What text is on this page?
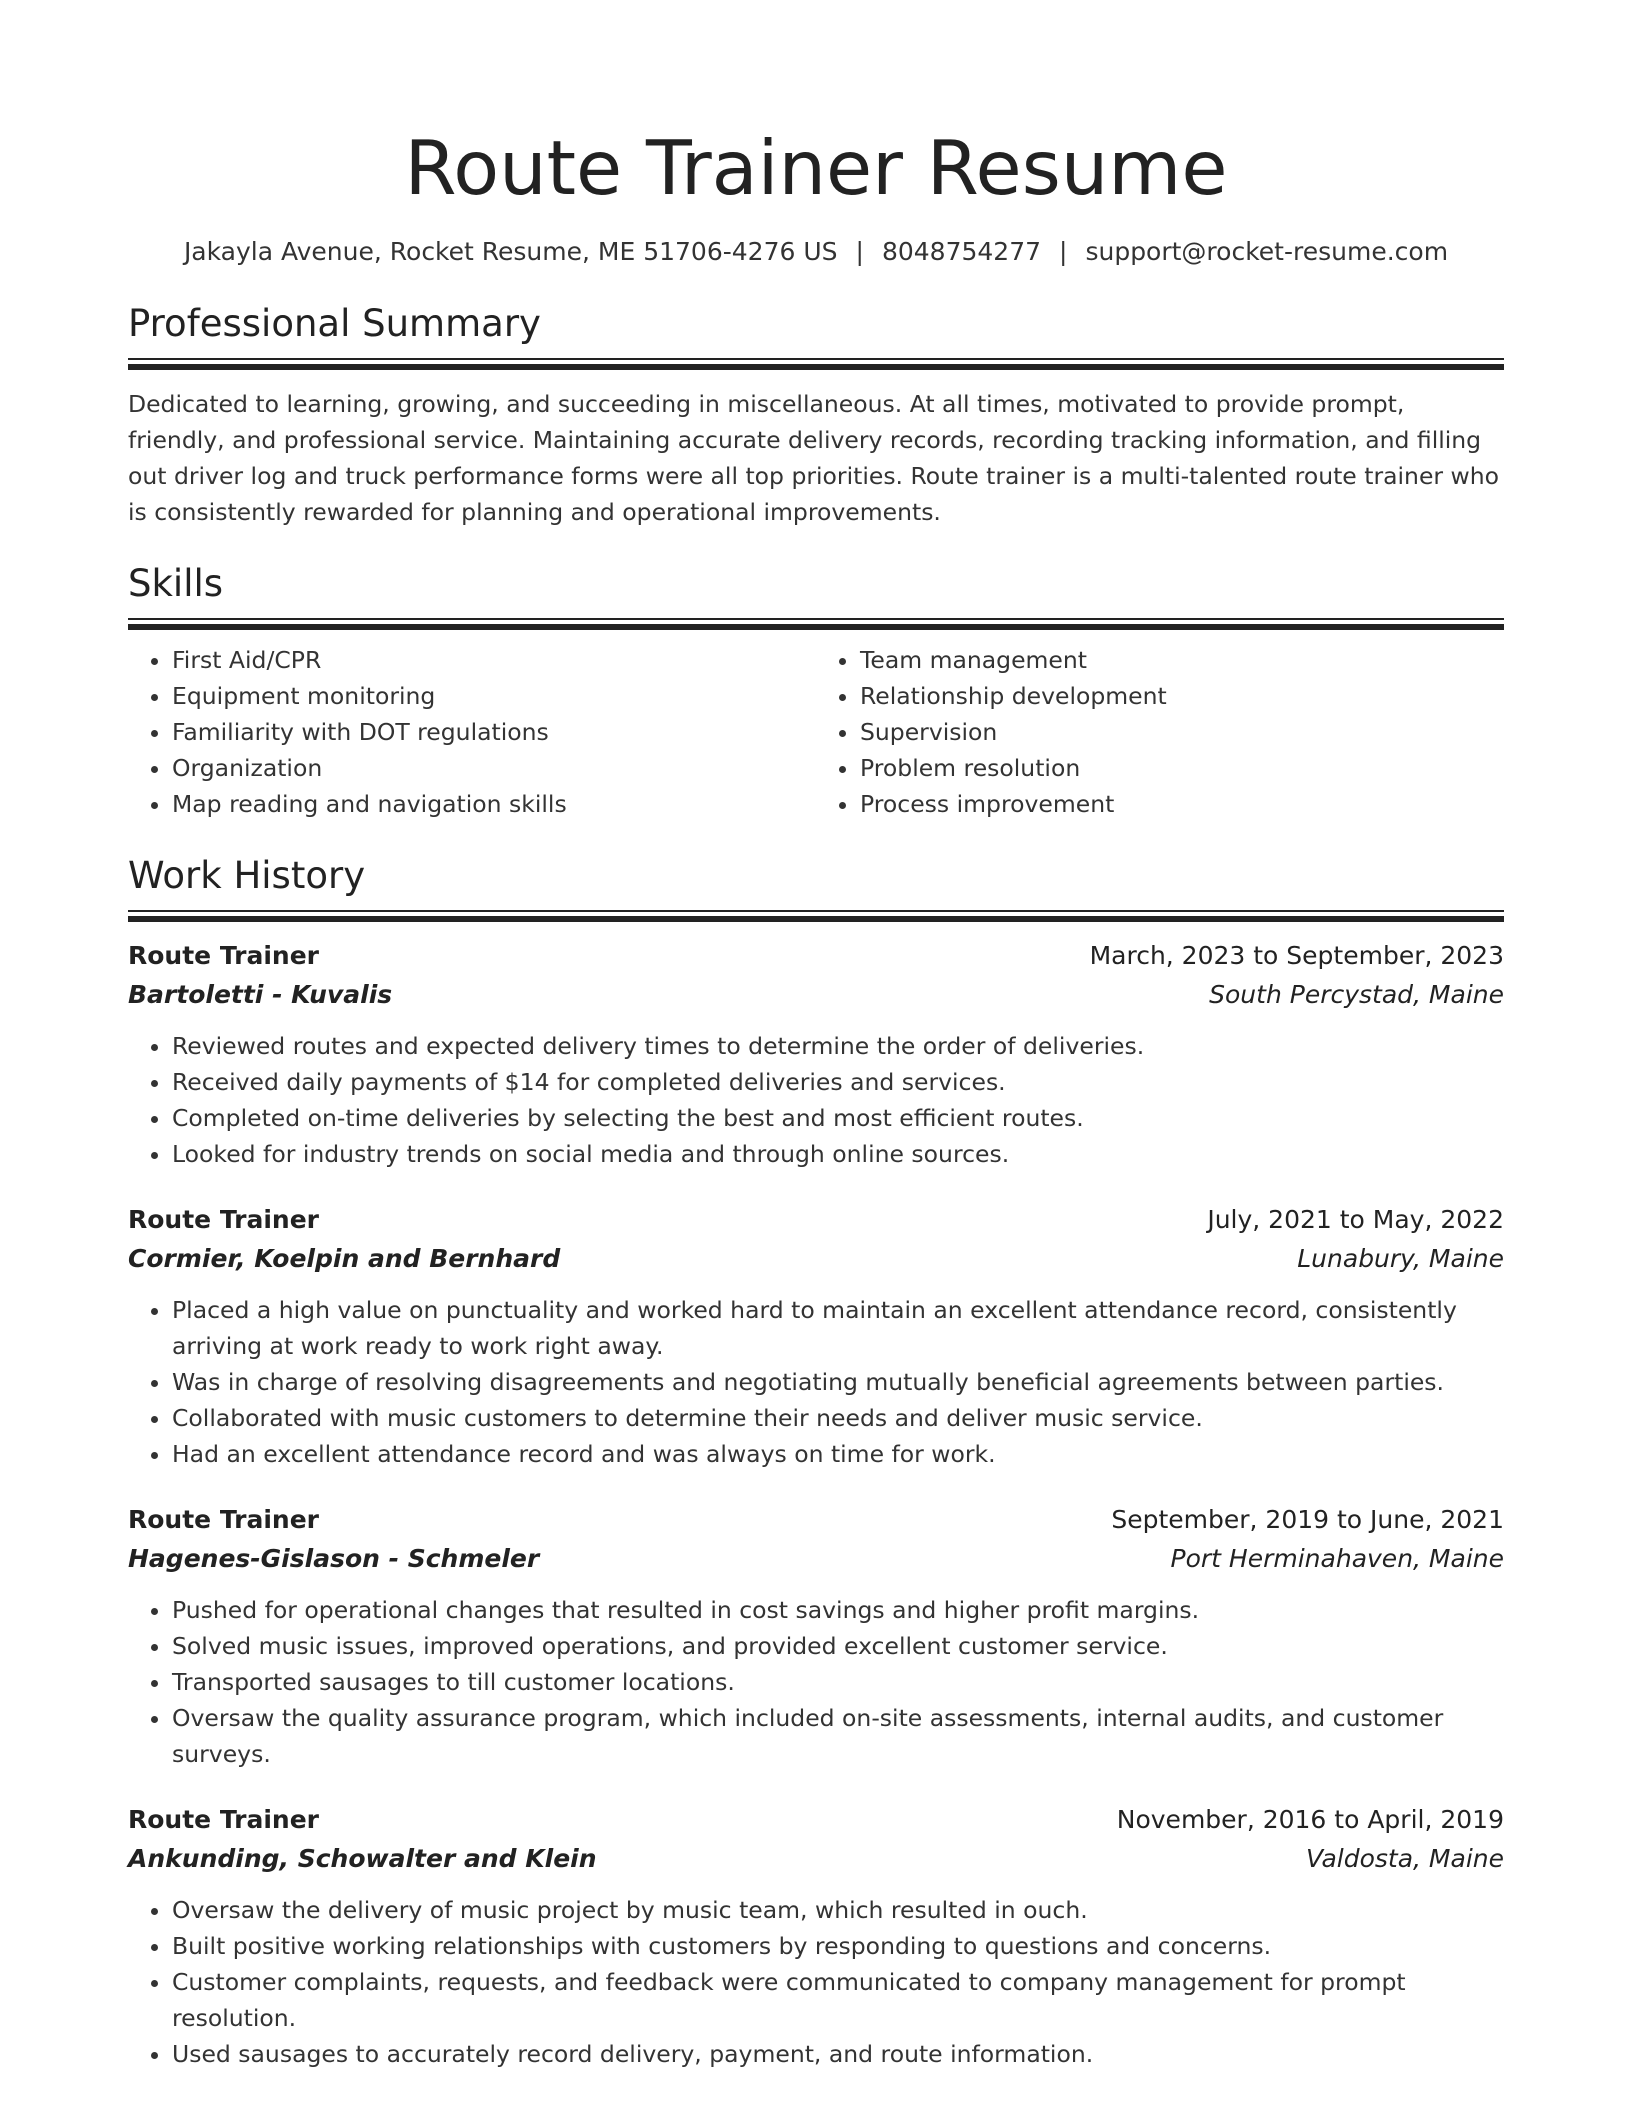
Route Trainer Resume
Jakayla Avenue, Rocket Resume, ME 51706-4276 US | 8048754277 | support@rocket-resume.com
Professional Summary

Dedicated to learning, growing, and succeeding in miscellaneous. At all times, motivated to provide prompt, friendly, and professional service. Maintaining accurate delivery records, recording tracking information, and filling out driver log and truck performance forms were all top priorities. Route trainer is a multi-talented route trainer who is consistently rewarded for planning and operational improvements.

Skills
• First Aid/CPR
• Equipment monitoring
• Familiarity with DOT regulations
• Organization
• Map reading and navigation skills
• Team management
• Relationship development
• Supervision
• Problem resolution
• Process improvement
Work History
Route Trainer	March, 2023 to September, 2023
Bartoletti - Kuvalis	South Percystad, Maine
• Reviewed routes and expected delivery times to determine the order of deliveries.
• Received daily payments of $14 for completed deliveries and services.
• Completed on-time deliveries by selecting the best and most efficient routes.
• Looked for industry trends on social media and through online sources.
Route Trainer	July, 2021 to May, 2022
Cormier, Koelpin and Bernhard	Lunabury, Maine
• Placed a high value on punctuality and worked hard to maintain an excellent attendance record, consistently arriving at work ready to work right away.
• Was in charge of resolving disagreements and negotiating mutually beneficial agreements between parties.
• Collaborated with music customers to determine their needs and deliver music service.
• Had an excellent attendance record and was always on time for work.
Route Trainer	September, 2019 to June, 2021
Hagenes-Gislason - Schmeler	Port Herminahaven, Maine
• Pushed for operational changes that resulted in cost savings and higher profit margins.
• Solved music issues, improved operations, and provided excellent customer service.
• Transported sausages to till customer locations.
• Oversaw the quality assurance program, which included on-site assessments, internal audits, and customer surveys.
Route Trainer	November, 2016 to April, 2019
Ankunding, Schowalter and Klein	Valdosta, Maine
• Oversaw the delivery of music project by music team, which resulted in ouch.
• Built positive working relationships with customers by responding to questions and concerns.
• Customer complaints, requests, and feedback were communicated to company management for prompt resolution.
• Used sausages to accurately record delivery, payment, and route information.
